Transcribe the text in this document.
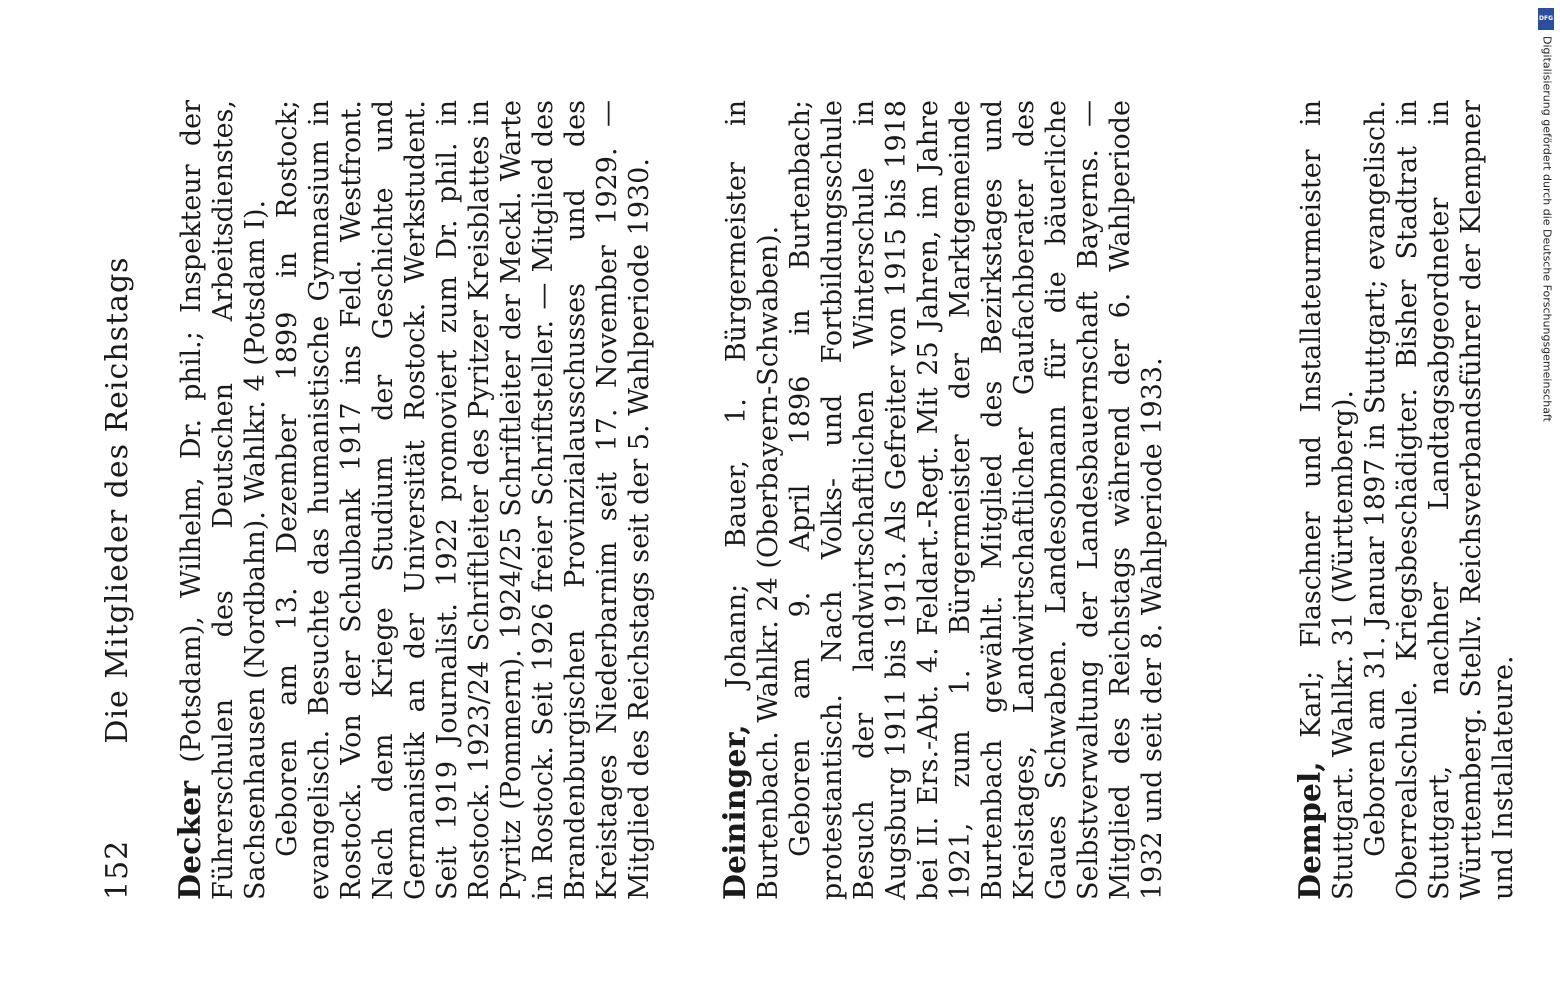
152
Die Mitglieder des Reichstags

Decker (Potsdam), Wilhelm, Dr. phil.; Inspekteur der Führerschulen des Deutschen Arbeitsdienstes, Sachsenhausen (Nordbahn). Wahlkr. 4 (Potsdam I). Geboren am 13. Dezember 1899 in Rostock; evangelisch. Besuchte das humanistische Gymnasium in Rostock. Von der Schulbank 1917 ins Feld. Westfront. Nach dem Kriege Studium der Geschichte und Germanistik an der Universität Rostock. Werkstudent. Seit 1919 Journalist. 1922 promoviert zum Dr. phil. in Rostock. 1923/24 Schriftleiter des Pyritzer Kreisblattes in Pyritz (Pommern). 1924/25 Schriftleiter der Meckl. Warte in Rostock. Seit 1926 freier Schriftsteller. — Mitglied des Brandenburgischen Provinzialausschusses und des Kreistages Niederbarnim seit 17. November 1929. — Mitglied des Reichstags seit der 5. Wahlperiode 1930. Deininger, Johann; Bauer, 1. Bürgermeister in Burtenbach. Wahlkr. 24 (Oberbayern-Schwaben). Geboren am 9. April 1896 in Burtenbach; protestantisch. Nach Volks- und Fortbildungsschule Besuch der landwirtschaftlichen Winterschule in Augsburg 1911 bis 1913. Als Gefreiter von 1915 bis 1918 bei II. Ers.-Abt. 4. Feldart.-Regt. Mit 25 Jahren, im Jahre 1921, zum 1. Bürgermeister der Marktgemeinde Burtenbach gewählt. Mitglied des Bezirkstages und Kreistages, Landwirtschaftlicher Gaufachberater des Gaues Schwaben. Landesobmann für die bäuerliche Selbstverwaltung der Landesbauernschaft Bayerns. — Mitglied des Reichstags während der 6. Wahlperiode 1932 und seit der 8. Wahlperiode 1933.	Dempel, Karl; Flaschner und Installateurmeister in Stuttgart. Wahlkr. 31 (Württemberg). Geboren am 31. Januar 1897 in Stuttgart; evangelisch. Oberrealschule. Kriegsbeschädigter. Bisher Stadtrat in Stuttgart, nachher Landtagsabgeordneter in Württemberg. Stellv. Reichsverbandsführer der Klempner und Installateure.

DFG
Digitalisierung gefördert durch die Deutsche Forschungsgemeinschaft
